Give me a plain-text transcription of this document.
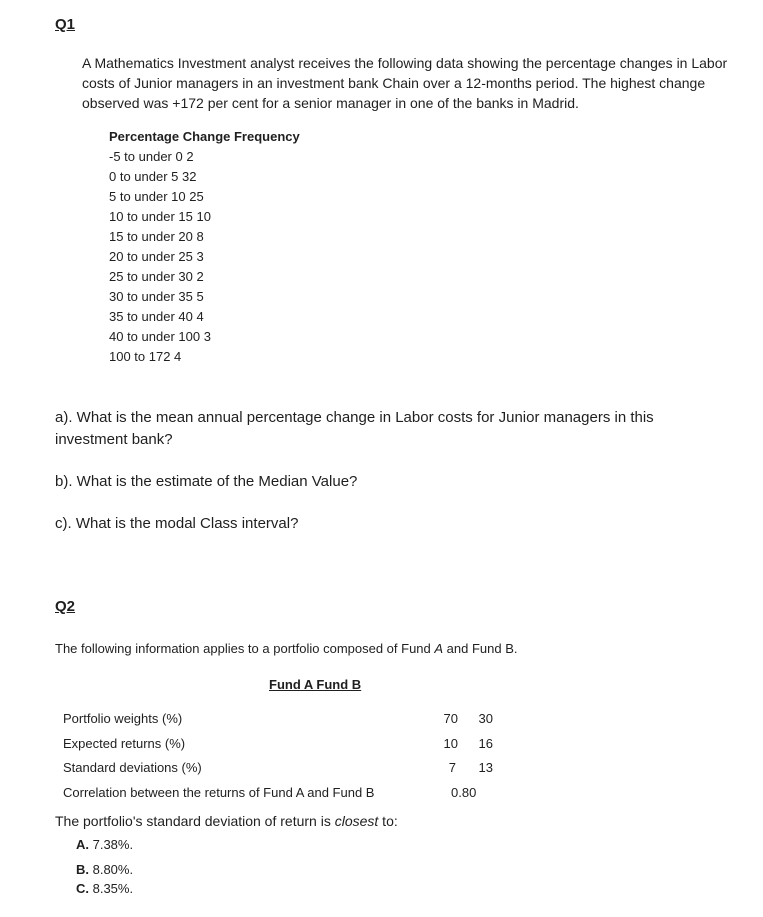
Q1
A Mathematics Investment analyst receives the following data showing the percentage changes in Labor costs of Junior managers in an investment bank Chain over a 12-months period. The highest change observed was +172 per cent for a senior manager in one of the banks in Madrid.
Percentage Change Frequency
-5 to under 0 2
0 to under 5 32
5 to under 10 25
10 to under 15 10
15 to under 20 8
20 to under 25 3
25 to under 30 2
30 to under 35 5
35 to under 40 4
40 to under 100 3
100 to 172 4
a). What is the mean annual percentage change in Labor costs for Junior managers in this investment bank?
b). What is the estimate of the Median Value?
c). What is the modal Class interval?
Q2
The following information applies to a portfolio composed of Fund A and Fund B.
Fund A Fund B
Portfolio weights (%)	70	30
Expected returns (%)	10	16
Standard deviations (%)	7	13
Correlation between the returns of Fund A and Fund B	0.80
The portfolio's standard deviation of return is closest to:
A. 7.38%.
B. 8.80%.
C. 8.35%.
